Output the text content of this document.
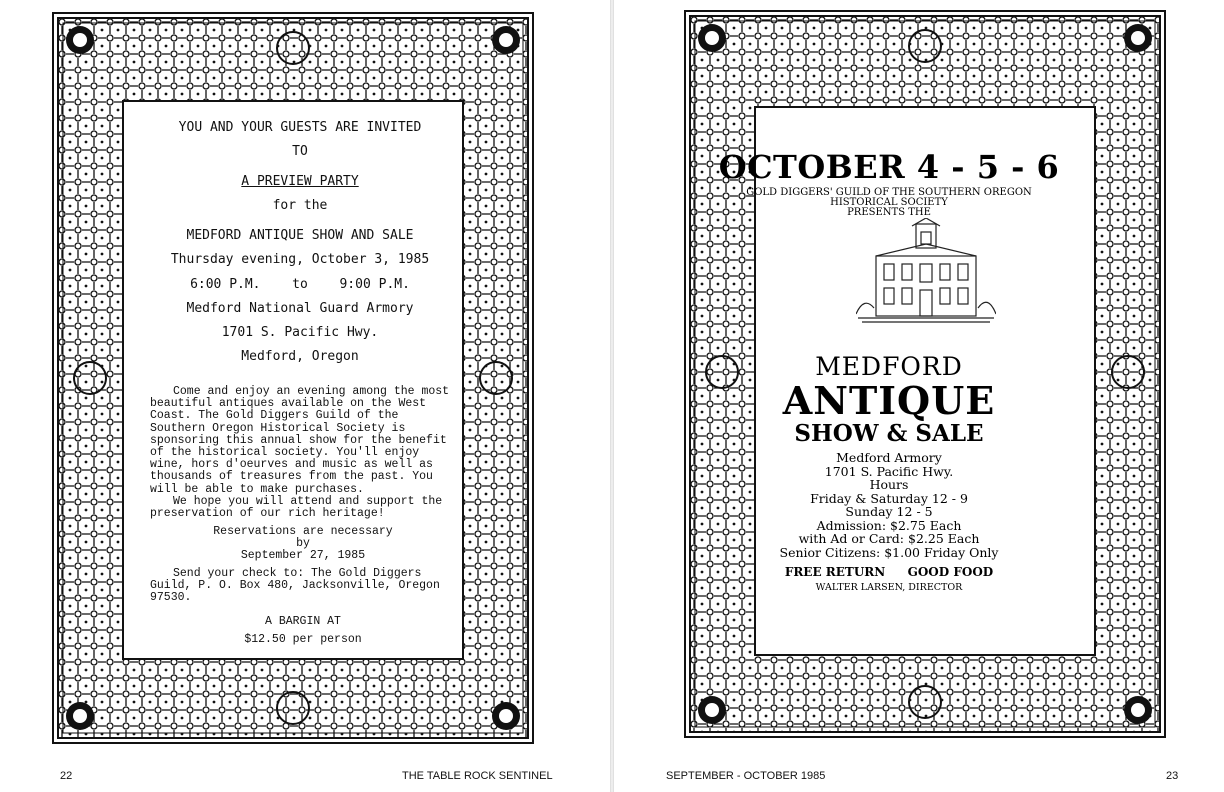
YOU AND YOUR GUESTS ARE INVITED
TO
A PREVIEW PARTY
for the
MEDFORD ANTIQUE SHOW AND SALE
Thursday evening, October 3, 1985
6:00 P.M. to 9:00 P.M.
Medford National Guard Armory
1701 S. Pacific Hwy.
Medford, Oregon

Come and enjoy an evening among the most beautiful antiques available on the West Coast. The Gold Diggers Guild of the Southern Oregon Historical Society is sponsoring this annual show for the benefit of the historical society. You'll enjoy wine, hors d'oeurves and music as well as thousands of treasures from the past. You will be able to make purchases.

We hope you will attend and support the preservation of our rich heritage!

Reservations are necessary
by
September 27, 1985

Send your check to: The Gold Diggers Guild, P. O. Box 480, Jacksonville, Oregon 97530.

A BARGIN AT
$12.50 per person
22	THE TABLE ROCK SENTINEL
OCTOBER 4 - 5 - 6
GOLD DIGGERS' GUILD OF THE SOUTHERN OREGON
HISTORICAL SOCIETY
PRESENTS THE
MEDFORD
ANTIQUE
SHOW & SALE
Medford Armory
1701 S. Pacific Hwy.
Hours
Friday & Saturday 12 - 9
Sunday 12 - 5
Admission: $2.75 Each
with Ad or Card: $2.25 Each
Senior Citizens: $1.00 Friday Only
FREE RETURN GOOD FOOD
WALTER LARSEN, DIRECTOR
SEPTEMBER - OCTOBER 1985	23
